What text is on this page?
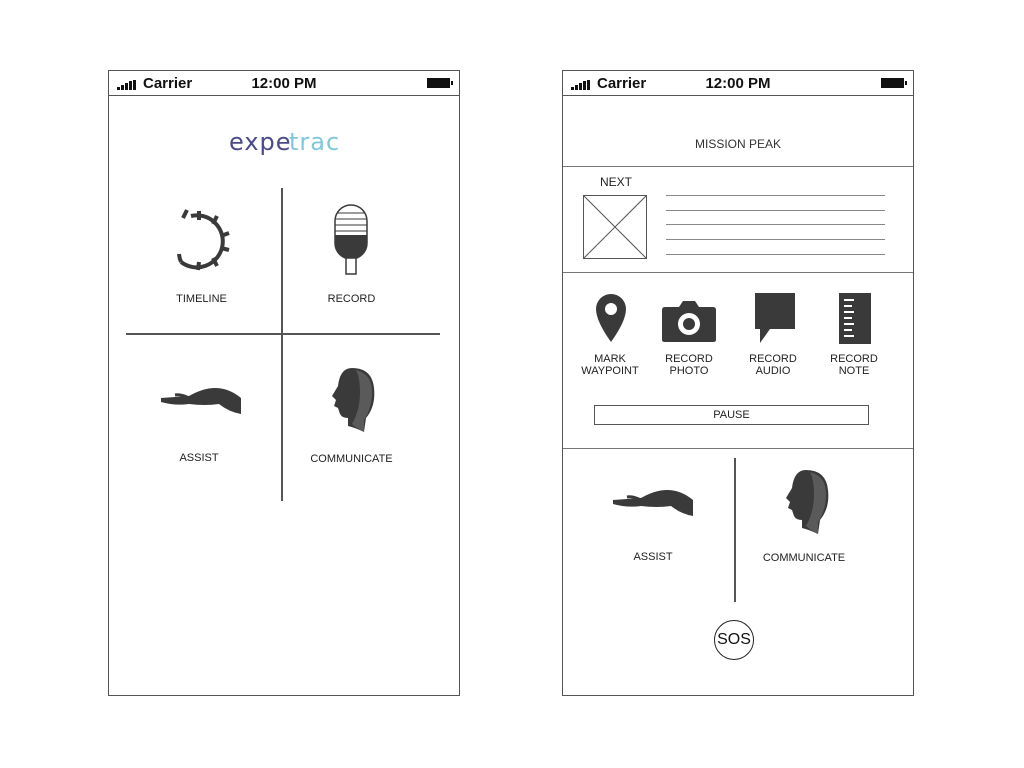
Carrier	12:00 PM
expe
trac
TIMELINE	RECORD
ASSIST	COMMUNICATE
Carrier	12:00 PM
MISSION PEAK
NEXT
MARK
WAYPOINT
RECORD
PHOTO
RECORD
AUDIO
RECORD
NOTE
PAUSE
ASSIST	COMMUNICATE
SOS
